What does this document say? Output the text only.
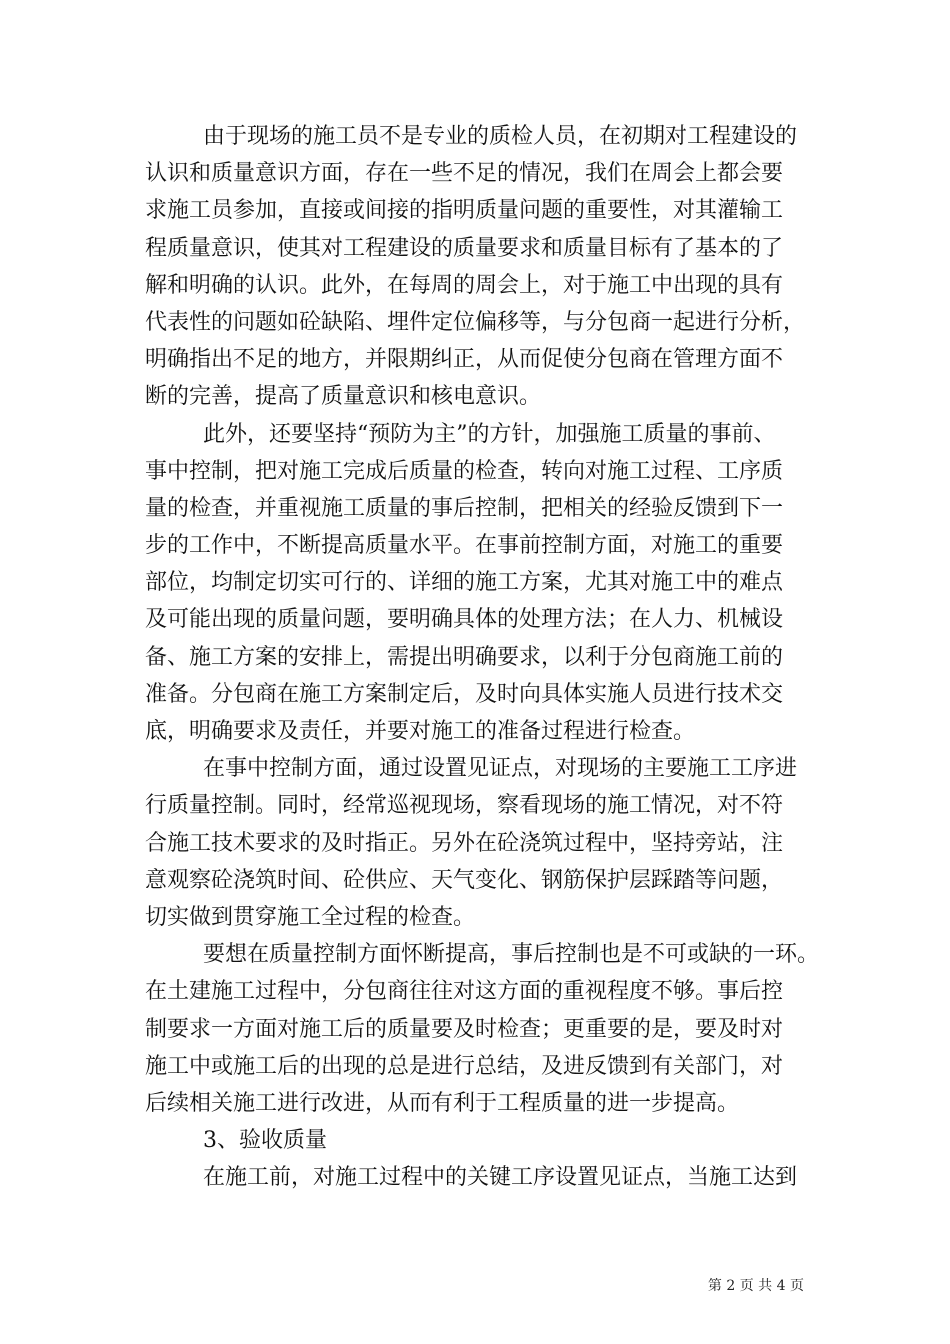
由于现场的施工员不是专业的质检人员，在初期对工程建设的
认识和质量意识方面，存在一些不足的情况，我们在周会上都会要
求施工员参加，直接或间接的指明质量问题的重要性，对其灌输工
程质量意识，使其对工程建设的质量要求和质量目标有了基本的了
解和明确的认识。此外，在每周的周会上，对于施工中出现的具有
代表性的问题如砼缺陷、埋件定位偏移等，与分包商一起进行分析，
明确指出不足的地方，并限期纠正，从而促使分包商在管理方面不
断的完善，提高了质量意识和核电意识。
此外，还要坚持“预防为主”的方针，加强施工质量的事前、
事中控制，把对施工完成后质量的检查，转向对施工过程、工序质
量的检查，并重视施工质量的事后控制，把相关的经验反馈到下一
步的工作中，不断提高质量水平。在事前控制方面，对施工的重要
部位，均制定切实可行的、详细的施工方案，尤其对施工中的难点
及可能出现的质量问题，要明确具体的处理方法；在人力、机械设
备、施工方案的安排上，需提出明确要求，以利于分包商施工前的
准备。分包商在施工方案制定后，及时向具体实施人员进行技术交
底，明确要求及责任，并要对施工的准备过程进行检查。
在事中控制方面，通过设置见证点，对现场的主要施工工序进
行质量控制。同时，经常巡视现场，察看现场的施工情况，对不符
合施工技术要求的及时指正。另外在砼浇筑过程中，坚持旁站，注
意观察砼浇筑时间、砼供应、天气变化、钢筋保护层踩踏等问题，
切实做到贯穿施工全过程的检查。
要想在质量控制方面怀断提高，事后控制也是不可或缺的一环。
在土建施工过程中，分包商往往对这方面的重视程度不够。事后控
制要求一方面对施工后的质量要及时检查；更重要的是，要及时对
施工中或施工后的出现的总是进行总结，及进反馈到有关部门，对
后续相关施工进行改进，从而有利于工程质量的进一步提高。
3、验收质量
在施工前，对施工过程中的关键工序设置见证点，当施工达到
第 2 页 共 4 页
